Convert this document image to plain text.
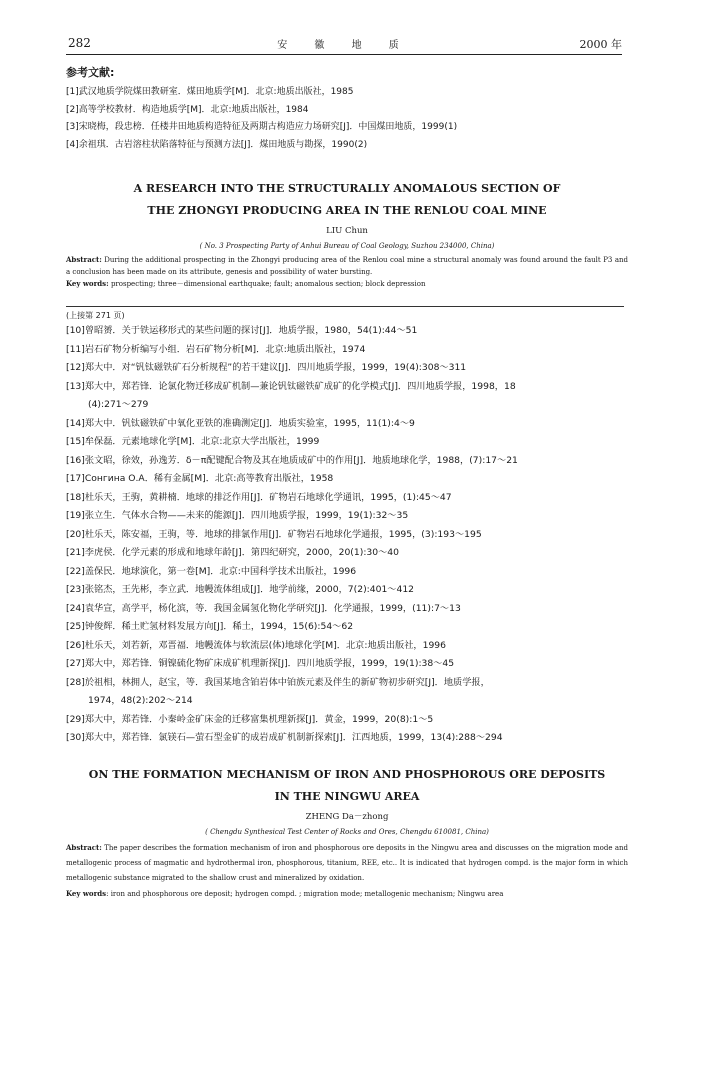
282	安 徽 地 质	2000 年
参考文献:
[1]武汉地质学院煤田教研室．煤田地质学[M]．北京:地质出版社，1985
[2]高等学校教材．构造地质学[M]．北京:地质出版社，1984
[3]宋晓梅，段忠榜．任楼井田地质构造特征及两期古构造应力场研究[J]．中国煤田地质，1999(1)
[4]余祖琪．古岩溶柱状陷落特征与预测方法[J]．煤田地质与勘探，1990(2)
A RESEARCH INTO THE STRUCTURALLY ANOMALOUS SECTION OF
THE ZHONGYI PRODUCING AREA IN THE RENLOU COAL MINE
LIU Chun
( No. 3 Prospecting Party of Anhui Bureau of Coal Geology, Suzhou 234000, China)
Abstract: During the additional prospecting in the Zhongyi producing area of the Renlou coal mine a structural anomaly was found around the fault P3 and a conclusion has been made on its attribute, genesis and possibility of water bursting.
Key words: prospecting; three－dimensional earthquake; fault; anomalous section; block depression
(上接第 271 页)
[10]曾昭赟．关于铁运移形式的某些问题的探讨[J]．地质学报，1980，54(1):44～51
[11]岩石矿物分析编写小组．岩石矿物分析[M]．北京:地质出版社，1974
[12]郑大中．对“钒钛磁铁矿石分析规程”的若干建议[J]．四川地质学报，1999，19(4):308～311
[13]郑大中，郑若锋．论氯化物迁移成矿机制—兼论钒钛磁铁矿成矿的化学模式[J]．四川地质学报，1998，18
(4):271～279
[14]郑大中．钒钛磁铁矿中氧化亚铁的准确测定[J]．地质实验室，1995，11(1):4～9
[15]牟保磊．元素地球化学[M]．北京:北京大学出版社，1999
[16]张文昭，徐效，孙逸芳．δ－π配键配合物及其在地质成矿中的作用[J]．地质地球化学，1988，(7):17～21
[17]Сонгина О.А．稀有金属[M]．北京:高等教育出版社，1958
[18]杜乐天，王驹，黄耕楠．地球的排泛作用[J]．矿物岩石地球化学通讯，1995，(1):45～47
[19]张立生．气体水合物——未来的能源[J]．四川地质学报，1999，19(1):32～35
[20]杜乐天，陈安福，王驹，等．地球的排氯作用[J]．矿物岩石地球化学通报，1995，(3):193～195
[21]李虎侯．化学元素的形成和地球年龄[J]．第四纪研究，2000，20(1):30～40
[22]盖保民．地球演化，第一卷[M]．北京:中国科学技术出版社，1996
[23]张铭杰，王先彬，李立武．地幔流体组成[J]．地学前缘，2000，7(2):401～412
[24]袁华宣，高学平，杨化滨，等．我国金属氢化物化学研究[J]．化学通报，1999，(11):7～13
[25]钟俊辉．稀土贮氢材料发展方向[J]．稀土，1994，15(6):54～62
[26]杜乐天，刘若新，邓晋福．地幔流体与软流层(体)地球化学[M]．北京:地质出版社，1996
[27]郑大中，郑若锋．铜镍硫化物矿床成矿机理新探[J]．四川地质学报，1999，19(1):38～45
[28]於祖相，林拥人，赵宝，等．我国某地含铂岩体中铂族元素及伴生的新矿物初步研究[J]．地质学报，
1974，48(2):202～214
[29]郑大中，郑若锋．小秦岭金矿床金的迁移富集机理新探[J]．黄金，1999，20(8):1～5
[30]郑大中，郑若锋．氯镁石—萤石型金矿的成岩成矿机制新探索[J]．江西地质，1999，13(4):288～294
ON THE FORMATION MECHANISM OF IRON AND PHOSPHOROUS ORE DEPOSITS
IN THE NINGWU AREA
ZHENG Da－zhong
( Chengdu Synthesical Test Center of Rocks and Ores, Chengdu 610081, China)
Abstract: The paper describes the formation mechanism of iron and phosphorous ore deposits in the Ningwu area and discusses on the migration mode and metallogenic process of magmatic and hydrothermal iron, phosphorous, titanium, REE, etc.. It is indicated that hydrogen compd. is the major form in which metallogenic substance migrated to the shallow crust and mineralized by oxidation.
Key words: iron and phosphorous ore deposit; hydrogen compd. ; migration mode; metallogenic mechanism; Ningwu area
